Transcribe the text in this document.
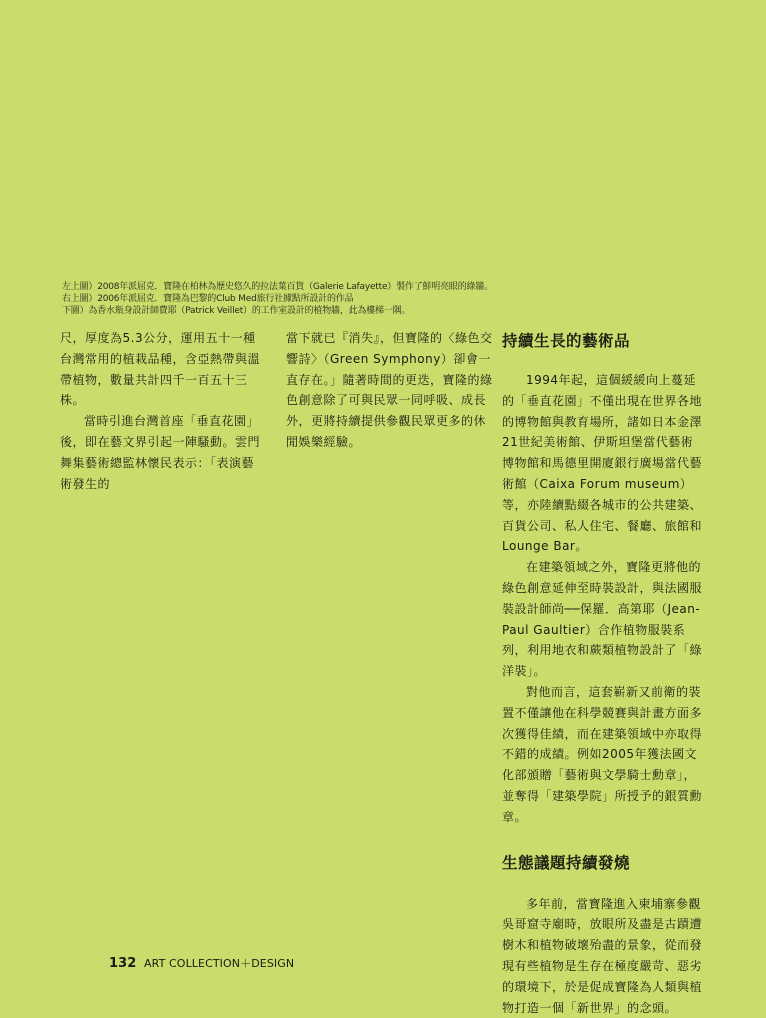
左上圖）2008年派屈克．寶隆在柏林為歷史悠久的拉法葉百貨（Galerie Lafayette）製作了鮮明亮眼的綠牆。
右上圖）2006年派屈克．寶隆為巴黎的Club Med旅行社據點所設計的作品
下圖）為香水瓶身設計師費耶（Patrick Veillet）的工作室設計的植物牆，此為樓梯一隅。

尺，厚度為5.3公分，運用五十一種台灣常用的植栽品種，含亞熱帶與溫帶植物，數量共計四千一百五十三株。

當時引進台灣首座「垂直花園」後，即在藝文界引起一陣騷動。雲門舞集藝術總監林懷民表示：「表演藝術發生的

當下就已『消失』，但寶隆的〈綠色交響詩〉（Green Symphony）卻會一直存在。」隨著時間的更迭，寶隆的綠色創意除了可與民眾一同呼吸、成長外，更將持續提供參觀民眾更多的休閒娛樂經驗。

持續生長的藝術品

1994年起，這個緩緩向上蔓延的「垂直花園」不僅出現在世界各地的博物館與教育場所，諸如日本金澤21世紀美術館、伊斯坦堡當代藝術博物館和馬德里開廈銀行廣場當代藝術館（Caixa Forum museum）等，亦陸續點綴各城市的公共建築、百貨公司、私人住宅、餐廳、旅館和Lounge Bar。

在建築領域之外，寶隆更將他的綠色創意延伸至時裝設計，與法國服裝設計師尚──保羅．高第耶（Jean-Paul Gaultier）合作植物服裝系列，利用地衣和蕨類植物設計了「綠洋裝」。

對他而言，這套嶄新又前衛的裝置不僅讓他在科學競賽與計畫方面多次獲得佳績，而在建築領域中亦取得不錯的成績。例如2005年獲法國文化部頒贈「藝術與文學騎士勳章」，並奪得「建築學院」所授予的銀質勳章。

生態議題持續發燒

多年前，當寶隆進入柬埔寨參觀吳哥窟寺廟時，放眼所及盡是古蹟遭樹木和植物破壞殆盡的景象，從而發現有些植物是生存在極度嚴苛、惡劣的環境下，於是促成寶隆為人類與植物打造一個「新世界」的念頭。

132 ART COLLECTION＋DESIGN
